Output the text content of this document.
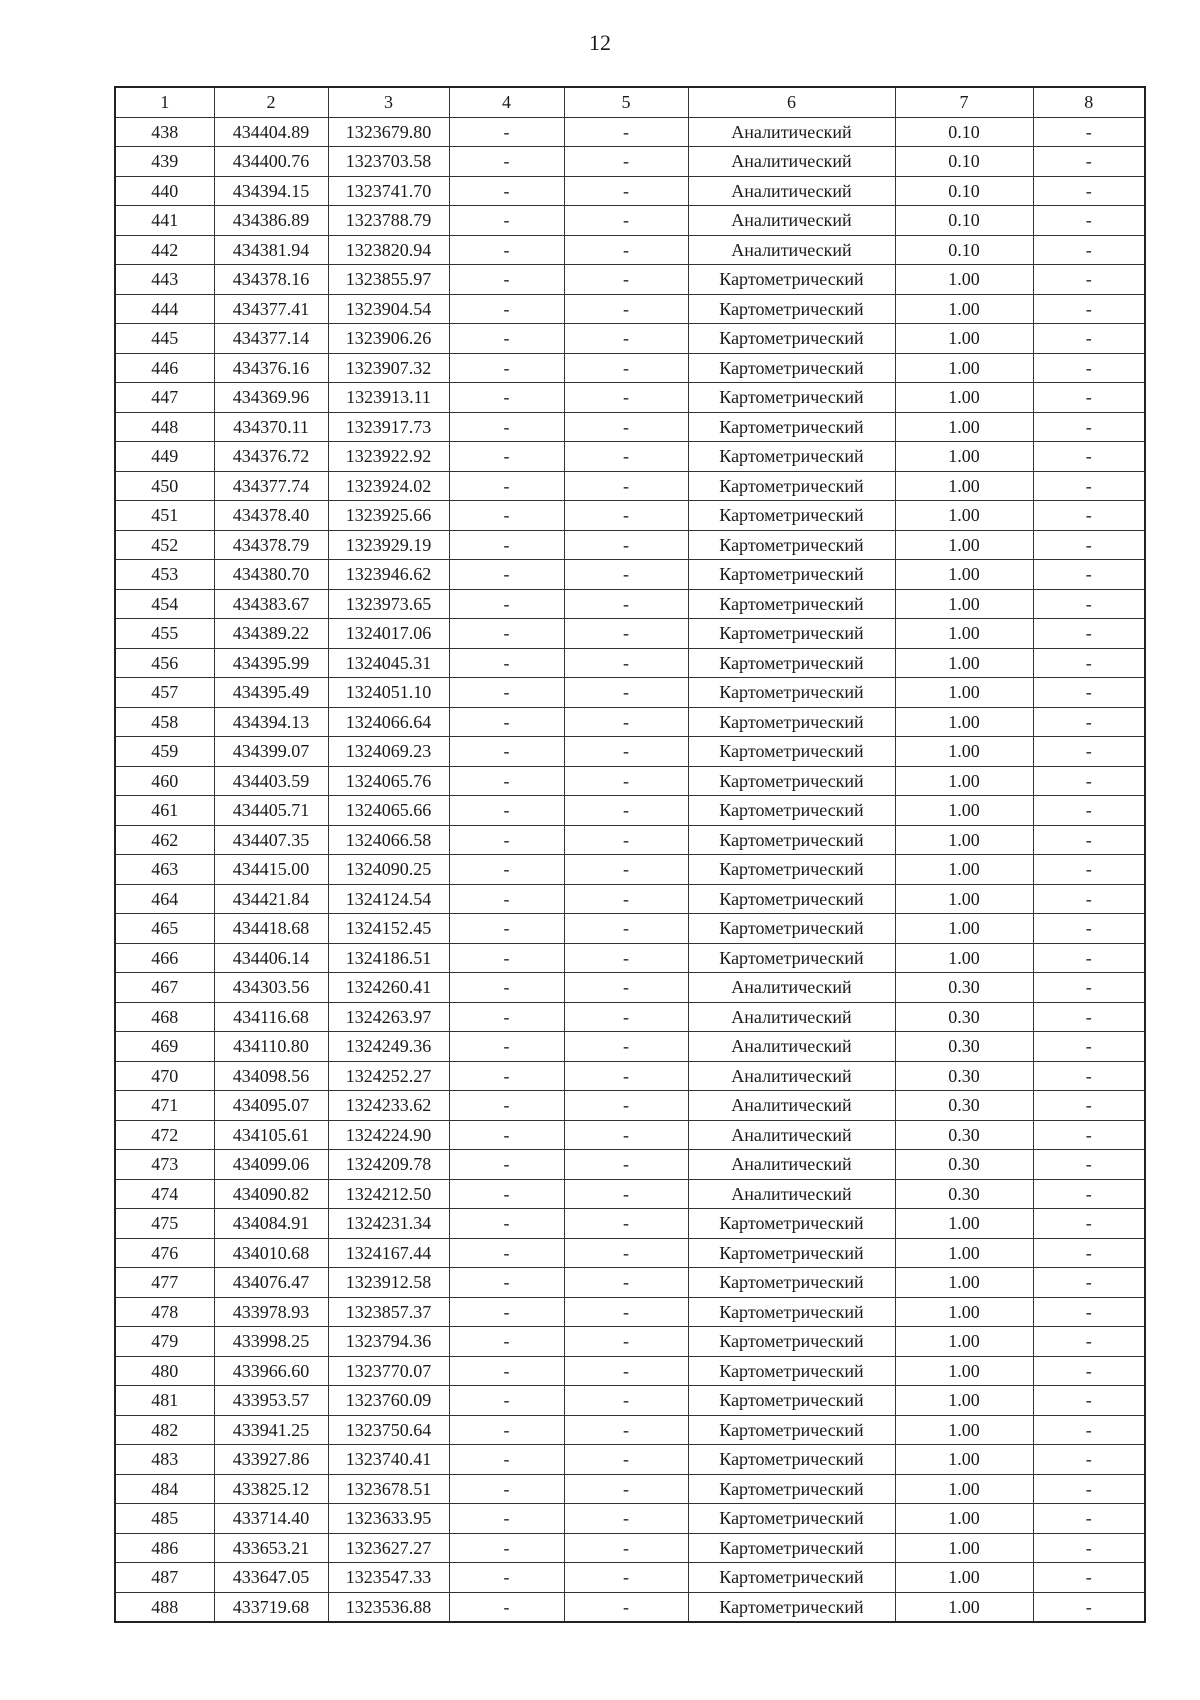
12
1	2	3	4	5	6	7	8
438	434404.89	1323679.80	-	-	Аналитический	0.10	-
439	434400.76	1323703.58	-	-	Аналитический	0.10	-
440	434394.15	1323741.70	-	-	Аналитический	0.10	-
441	434386.89	1323788.79	-	-	Аналитический	0.10	-
442	434381.94	1323820.94	-	-	Аналитический	0.10	-
443	434378.16	1323855.97	-	-	Картометрический	1.00	-
444	434377.41	1323904.54	-	-	Картометрический	1.00	-
445	434377.14	1323906.26	-	-	Картометрический	1.00	-
446	434376.16	1323907.32	-	-	Картометрический	1.00	-
447	434369.96	1323913.11	-	-	Картометрический	1.00	-
448	434370.11	1323917.73	-	-	Картометрический	1.00	-
449	434376.72	1323922.92	-	-	Картометрический	1.00	-
450	434377.74	1323924.02	-	-	Картометрический	1.00	-
451	434378.40	1323925.66	-	-	Картометрический	1.00	-
452	434378.79	1323929.19	-	-	Картометрический	1.00	-
453	434380.70	1323946.62	-	-	Картометрический	1.00	-
454	434383.67	1323973.65	-	-	Картометрический	1.00	-
455	434389.22	1324017.06	-	-	Картометрический	1.00	-
456	434395.99	1324045.31	-	-	Картометрический	1.00	-
457	434395.49	1324051.10	-	-	Картометрический	1.00	-
458	434394.13	1324066.64	-	-	Картометрический	1.00	-
459	434399.07	1324069.23	-	-	Картометрический	1.00	-
460	434403.59	1324065.76	-	-	Картометрический	1.00	-
461	434405.71	1324065.66	-	-	Картометрический	1.00	-
462	434407.35	1324066.58	-	-	Картометрический	1.00	-
463	434415.00	1324090.25	-	-	Картометрический	1.00	-
464	434421.84	1324124.54	-	-	Картометрический	1.00	-
465	434418.68	1324152.45	-	-	Картометрический	1.00	-
466	434406.14	1324186.51	-	-	Картометрический	1.00	-
467	434303.56	1324260.41	-	-	Аналитический	0.30	-
468	434116.68	1324263.97	-	-	Аналитический	0.30	-
469	434110.80	1324249.36	-	-	Аналитический	0.30	-
470	434098.56	1324252.27	-	-	Аналитический	0.30	-
471	434095.07	1324233.62	-	-	Аналитический	0.30	-
472	434105.61	1324224.90	-	-	Аналитический	0.30	-
473	434099.06	1324209.78	-	-	Аналитический	0.30	-
474	434090.82	1324212.50	-	-	Аналитический	0.30	-
475	434084.91	1324231.34	-	-	Картометрический	1.00	-
476	434010.68	1324167.44	-	-	Картометрический	1.00	-
477	434076.47	1323912.58	-	-	Картометрический	1.00	-
478	433978.93	1323857.37	-	-	Картометрический	1.00	-
479	433998.25	1323794.36	-	-	Картометрический	1.00	-
480	433966.60	1323770.07	-	-	Картометрический	1.00	-
481	433953.57	1323760.09	-	-	Картометрический	1.00	-
482	433941.25	1323750.64	-	-	Картометрический	1.00	-
483	433927.86	1323740.41	-	-	Картометрический	1.00	-
484	433825.12	1323678.51	-	-	Картометрический	1.00	-
485	433714.40	1323633.95	-	-	Картометрический	1.00	-
486	433653.21	1323627.27	-	-	Картометрический	1.00	-
487	433647.05	1323547.33	-	-	Картометрический	1.00	-
488	433719.68	1323536.88	-	-	Картометрический	1.00	-
